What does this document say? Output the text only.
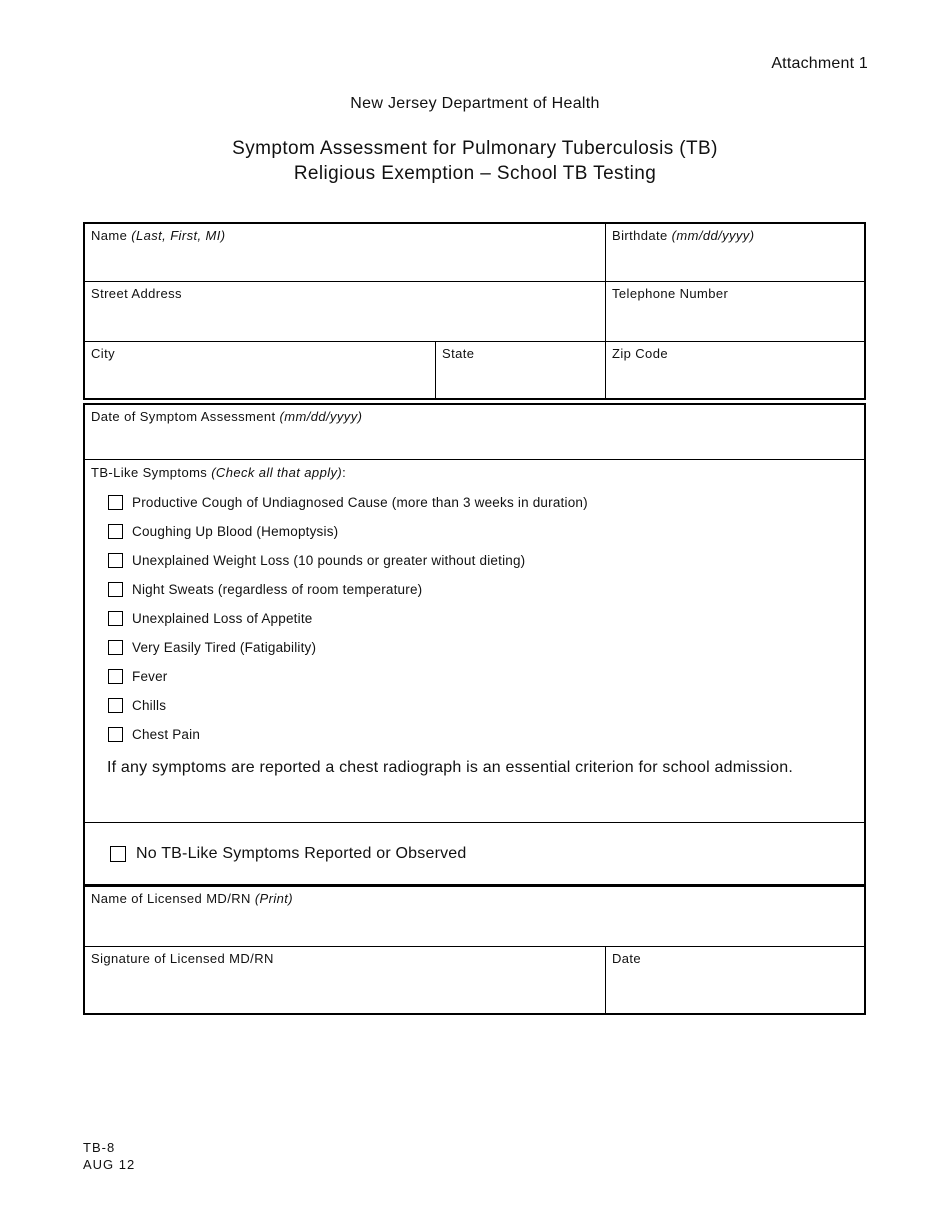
Attachment 1
New Jersey Department of Health
Symptom Assessment for Pulmonary Tuberculosis (TB)
Religious Exemption – School TB Testing
Name (Last, First, MI)	Birthdate (mm/dd/yyyy)
Street Address	Telephone Number
City	State	Zip Code
Date of Symptom Assessment (mm/dd/yyyy)
TB-Like Symptoms (Check all that apply):
Productive Cough of Undiagnosed Cause (more than 3 weeks in duration)
Coughing Up Blood (Hemoptysis)
Unexplained Weight Loss (10 pounds or greater without dieting)
Night Sweats (regardless of room temperature)
Unexplained Loss of Appetite
Very Easily Tired (Fatigability)
Fever
Chills
Chest Pain
If any symptoms are reported a chest radiograph is an essential criterion for school admission.
No TB-Like Symptoms Reported or Observed
Name of Licensed MD/RN (Print)
Signature of Licensed MD/RN	Date
TB-8
AUG 12
